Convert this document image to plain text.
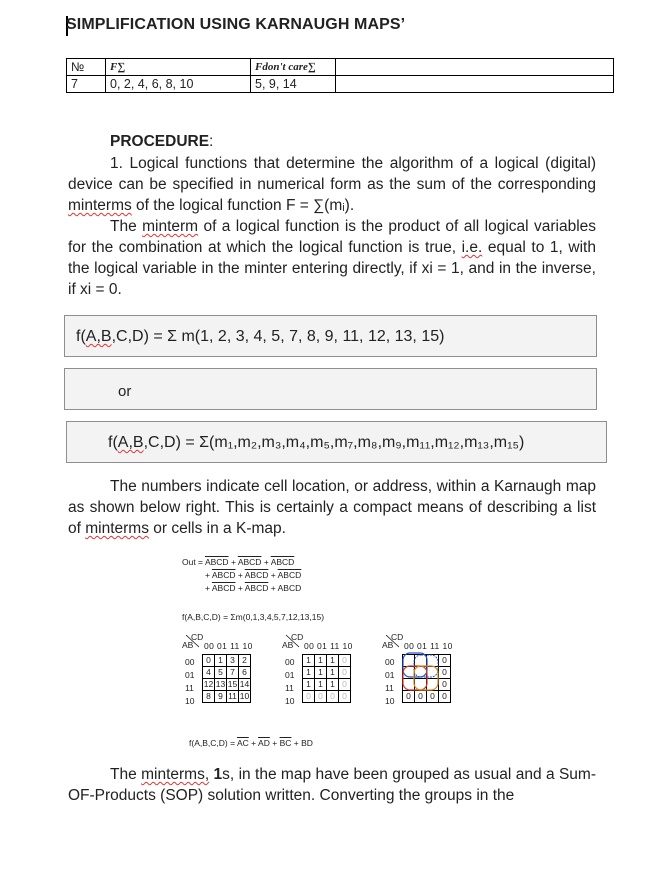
SIMPLIFICATION USING KARNAUGH MAPS’
№	F∑	Fdon't care∑	
7	0, 2, 4, 6, 8, 10	5, 9, 14	
PROCEDURE:
1. Logical functions that determine the algorithm of a logical (digital) device can be specified in numerical form as the sum of the corresponding minterms of the logical function F = ∑(mᵢ).
The minterm of a logical function is the product of all logical variables for the combination at which the logical function is true, i.e. equal to 1, with the logical variable in the minter entering directly, if xi = 1, and in the inverse, if xi = 0.
f(A,B,C,D) = Σ m(1, 2, 3, 4, 5, 7, 8, 9, 11, 12, 13, 15)
or
f(A,B,C,D) = Σ(m₁,m₂,m₃,m₄,m₅,m₇,m₈,m₉,m₁₁,m₁₂,m₁₃,m₁₅)
The numbers indicate cell location, or address, within a Karnaugh map as shown below right. This is certainly a compact means of describing a list of minterms or cells in a K-map.
Out = ABCD + ABCD + ABCD
+ ABCD + ABCD + ABCD
+ ABCD + ABCD + ABCD
f(A,B,C,D) = Σm(0,1,3,4,5,7,12,13,15)
CD
AB 00 01 11 10
00
01
11
10
0	1	3	2
4	5	7	6
12	13	15	14
8	9	11	10
CD
AB 00 01 11 10
00
01
11
10
1	1	1	0
1	1	1	0
1	1	1	0
0	0	0	0
CD
AB 00 01 11 10
00
01
11
10
			0
			0
			0
0	0	0	0
$f(A,B,C,D) = \overline{AC} + \overline{AD} + \overline{BC}$ + BD
The minterms, 1s, in the map have been grouped as usual and a Sum-OF-Products (SOP) solution written. Converting the groups in the
